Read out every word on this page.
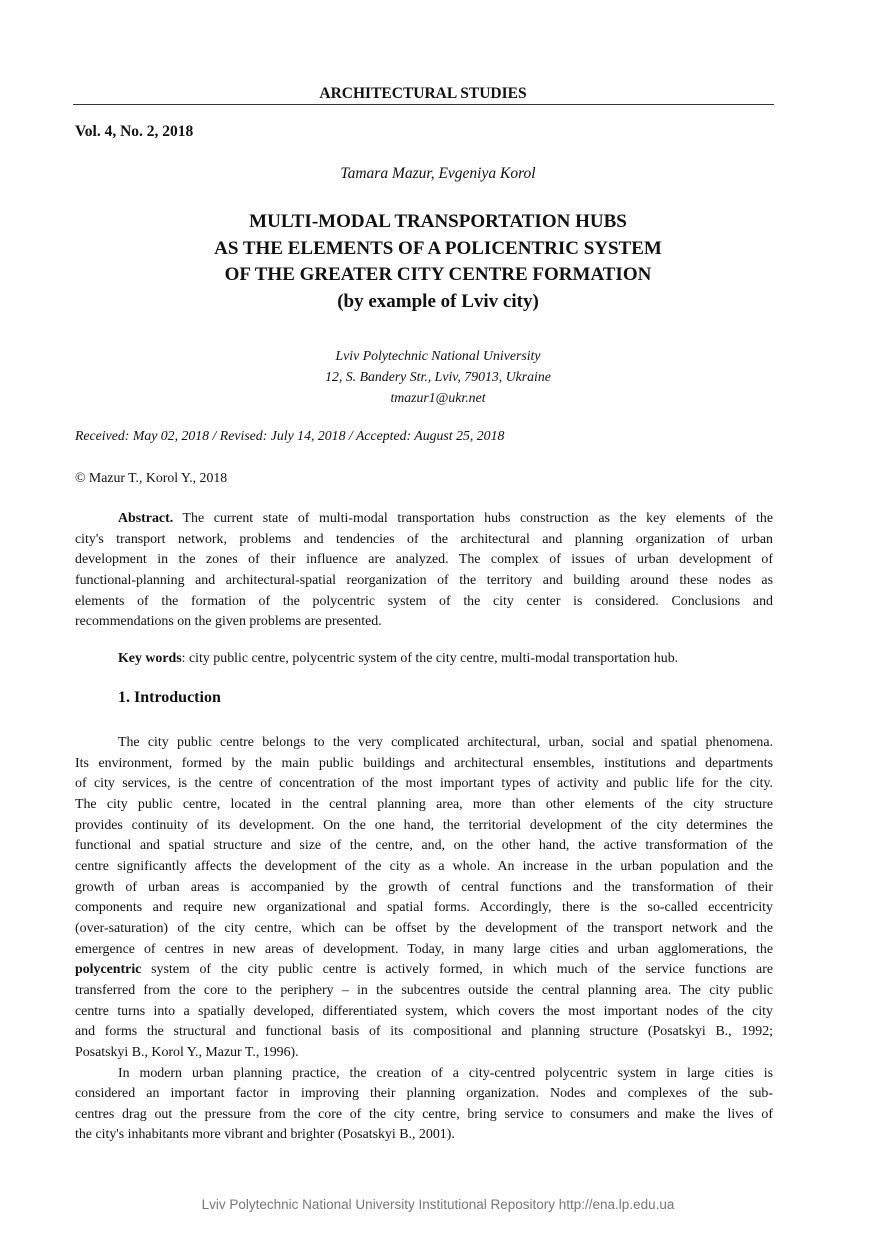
ARCHITECTURAL STUDIES
Vol. 4, No. 2, 2018
Tamara Mazur, Evgeniya Korol
MULTI-MODAL TRANSPORTATION HUBS
AS THE ELEMENTS OF A POLICENTRIC SYSTEM
OF THE GREATER CITY CENTRE FORMATION
(by example of Lviv city)
Lviv Polytechnic National University
12, S. Bandery Str., Lviv, 79013, Ukraine
tmazur1@ukr.net
Received: May 02, 2018 / Revised: July 14, 2018 / Accepted: August 25, 2018
© Mazur T., Korol Y., 2018
Abstract. The current state of multi-modal transportation hubs construction as the key elements of the
city's transport network, problems and tendencies of the architectural and planning organization of urban
development in the zones of their influence are analyzed. The complex of issues of urban development of
functional-planning and architectural-spatial reorganization of the territory and building around these nodes as
elements of the formation of the polycentric system of the city center is considered. Conclusions and
recommendations on the given problems are presented.
Key words: city public centre, polycentric system of the city centre, multi-modal transportation hub.
1. Introduction
The city public centre belongs to the very complicated architectural, urban, social and spatial phenomena.
Its environment, formed by the main public buildings and architectural ensembles, institutions and departments
of city services, is the centre of concentration of the most important types of activity and public life for the city.
The city public centre, located in the central planning area, more than other elements of the city structure
provides continuity of its development. On the one hand, the territorial development of the city determines the
functional and spatial structure and size of the centre, and, on the other hand, the active transformation of the
centre significantly affects the development of the city as a whole. An increase in the urban population and the
growth of urban areas is accompanied by the growth of central functions and the transformation of their
components and require new organizational and spatial forms. Accordingly, there is the so-called eccentricity
(over-saturation) of the city centre, which can be offset by the development of the transport network and the
emergence of centres in new areas of development. Today, in many large cities and urban agglomerations, the
polycentric system of the city public centre is actively formed, in which much of the service functions are
transferred from the core to the periphery – in the subcentres outside the central planning area. The city public
centre turns into a spatially developed, differentiated system, which covers the most important nodes of the city
and forms the structural and functional basis of its compositional and planning structure (Posatskyi B., 1992;
Posatskyi B., Korol Y., Mazur T., 1996).
In modern urban planning practice, the creation of a city-centred polycentric system in large cities is
considered an important factor in improving their planning organization. Nodes and complexes of the sub-
centres drag out the pressure from the core of the city centre, bring service to consumers and make the lives of
the city's inhabitants more vibrant and brighter (Posatskyi B., 2001).
Lviv Polytechnic National University Institutional Repository http://ena.lp.edu.ua
